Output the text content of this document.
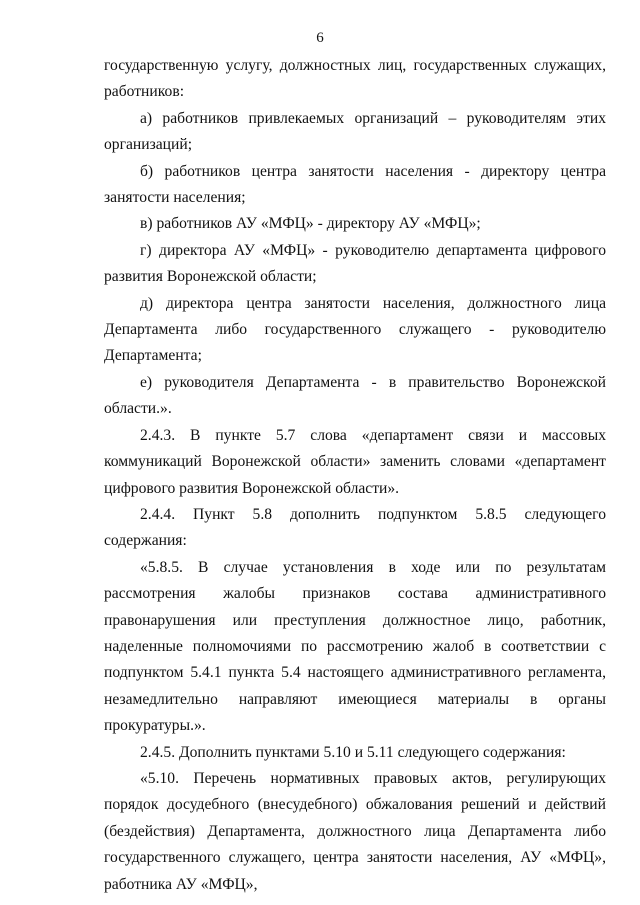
6

государственную услугу, должностных лиц, государственных служащих, работников:

а) работников привлекаемых организаций – руководителям этих организаций;

б) работников центра занятости населения - директору центра занятости населения;

в) работников АУ «МФЦ» - директору АУ «МФЦ»;

г) директора АУ «МФЦ» - руководителю департамента цифрового развития Воронежской области;

д) директора центра занятости населения, должностного лица Департамента либо государственного служащего - руководителю Департамента;

е) руководителя Департамента - в правительство Воронежской области.».

2.4.3. В пункте 5.7 слова «департамент связи и массовых коммуникаций Воронежской области» заменить словами «департамент цифрового развития Воронежской области».

2.4.4. Пункт 5.8 дополнить подпунктом 5.8.5 следующего содержания:

«5.8.5. В случае установления в ходе или по результатам рассмотрения жалобы признаков состава административного правонарушения или преступления должностное лицо, работник, наделенные полномочиями по рассмотрению жалоб в соответствии с подпунктом 5.4.1 пункта 5.4 настоящего административного регламента, незамедлительно направляют имеющиеся материалы в органы прокуратуры.».

2.4.5. Дополнить пунктами 5.10 и 5.11 следующего содержания:

«5.10. Перечень нормативных правовых актов, регулирующих порядок досудебного (внесудебного) обжалования решений и действий (бездействия) Департамента, должностного лица Департамента либо государственного служащего, центра занятости населения, АУ «МФЦ», работника АУ «МФЦ»,
